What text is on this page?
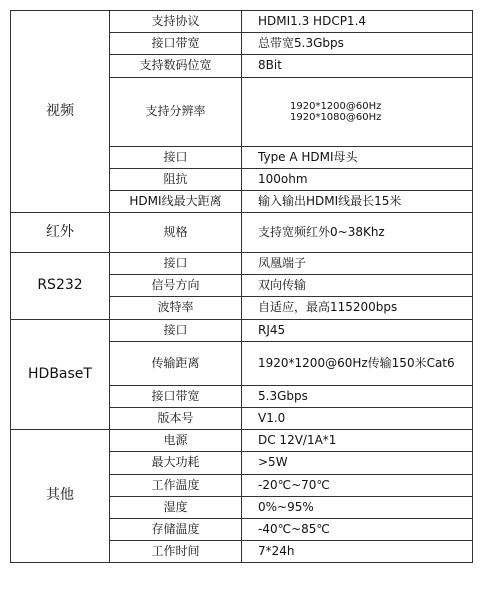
视频	支持协议	HDMI1.3 HDCP1.4

	接口带宽	总带宽5.3Gbps

	支持数码位宽	8Bit

	支持分辨率	1920*1200@60Hz
1920*1080@60Hz

	接口	Type A HDMI母头

	阻抗	100ohm

	HDMI线最大距离	输入输出HDMI线最长15米

红外	规格	支持宽频红外0~38Khz

RS232	接口	凤凰端子

	信号方向	双向传输

	波特率	自适应，最高115200bps

HDBaseT	接口	RJ45

	传输距离	1920*1200@60Hz传输150米Cat6

	接口带宽	5.3Gbps

	版本号	V1.0

其他	电源	DC 12V/1A*1

	最大功耗	>5W

	工作温度	-20℃~70℃

	湿度	0%~95%

	存储温度	-40℃~85℃

	工作时间	7*24h
